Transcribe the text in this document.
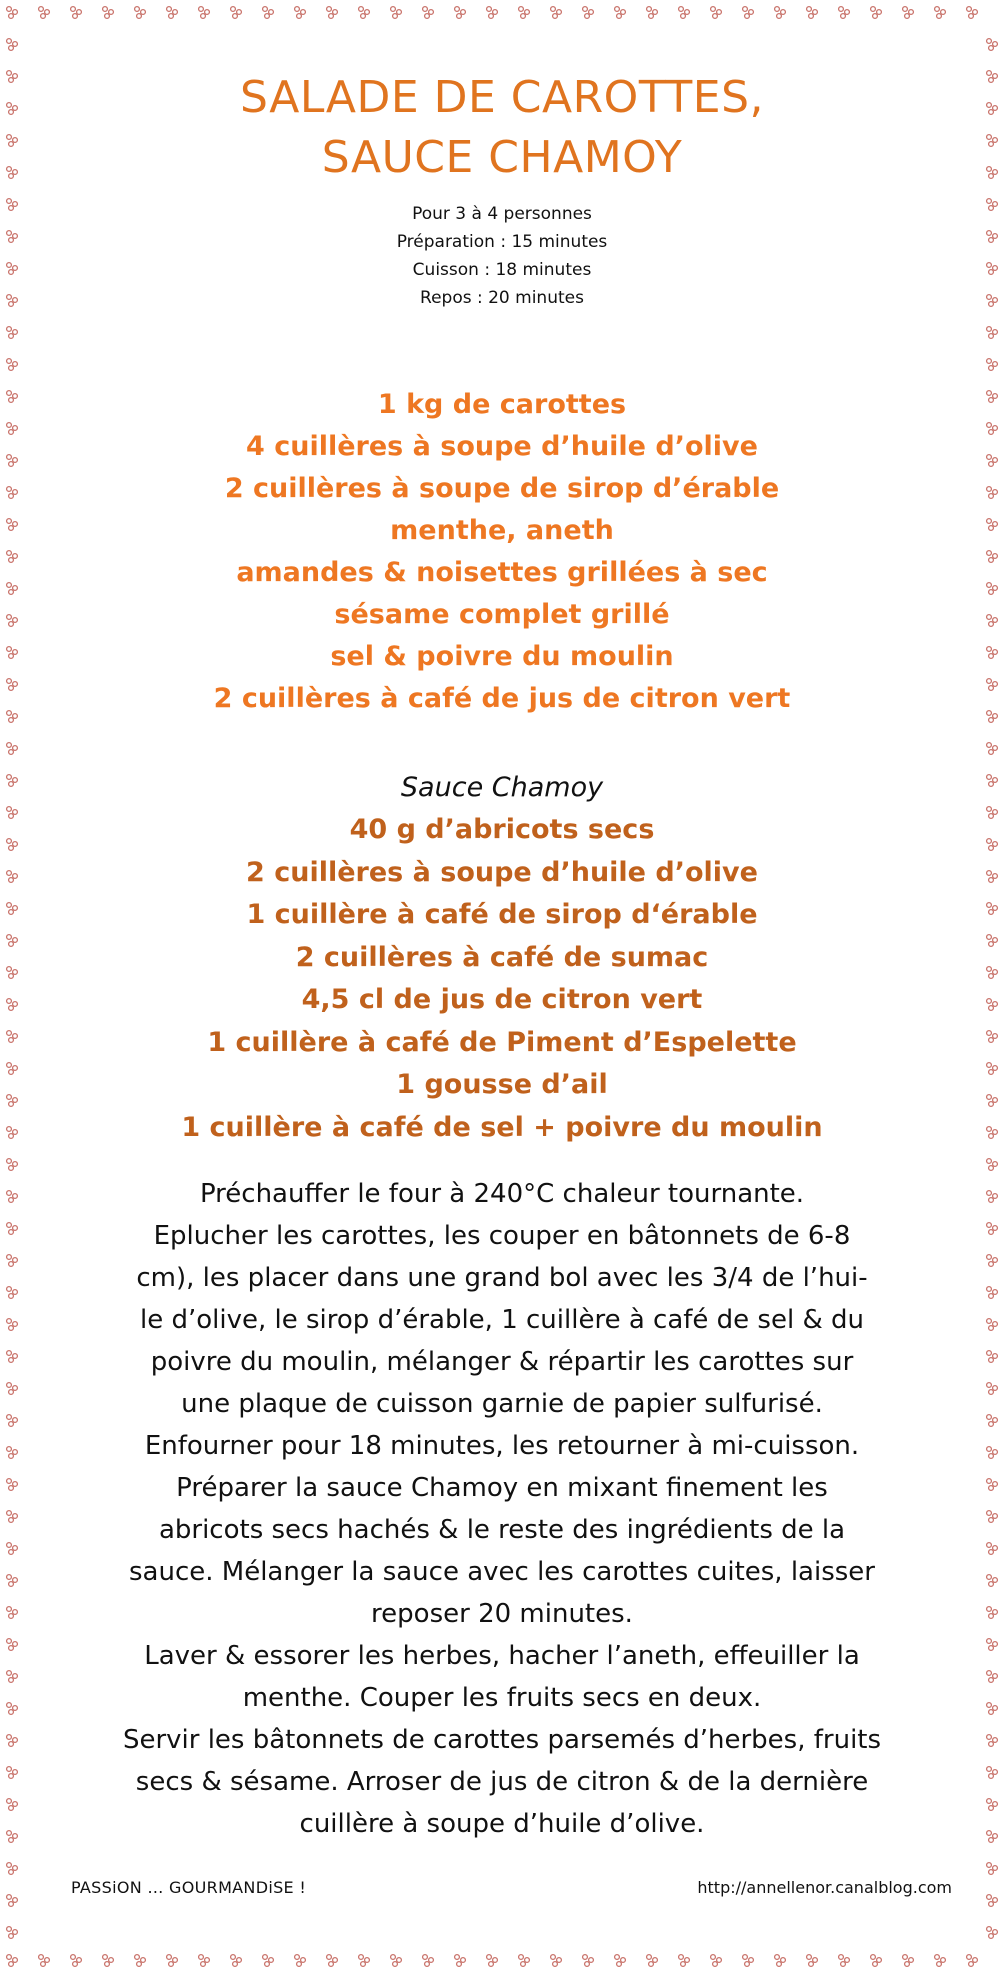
SALADE DE CAROTTES,
SAUCE CHAMOY
Pour 3 à 4 personnes
Préparation : 15 minutes
Cuisson : 18 minutes
Repos : 20 minutes
1 kg de carottes
4 cuillères à soupe d’huile d’olive
2 cuillères à soupe de sirop d’érable
menthe, aneth
amandes & noisettes grillées à sec
sésame complet grillé
sel & poivre du moulin
2 cuillères à café de jus de citron vert
Sauce Chamoy
40 g d’abricots secs
2 cuillères à soupe d’huile d’olive
1 cuillère à café de sirop d‘érable
2 cuillères à café de sumac
4,5 cl de jus de citron vert
1 cuillère à café de Piment d’Espelette
1 gousse d’ail
1 cuillère à café de sel + poivre du moulin
Préchauffer le four à 240°C chaleur tournante.
Eplucher les carottes, les couper en bâtonnets de 6-8
cm), les placer dans une grand bol avec les 3/4 de l’hui-
le d’olive, le sirop d’érable, 1 cuillère à café de sel & du
poivre du moulin, mélanger & répartir les carottes sur
une plaque de cuisson garnie de papier sulfurisé.
Enfourner pour 18 minutes, les retourner à mi-cuisson.
Préparer la sauce Chamoy en mixant finement les
abricots secs hachés & le reste des ingrédients de la
sauce. Mélanger la sauce avec les carottes cuites, laisser
reposer 20 minutes.
Laver & essorer les herbes, hacher l’aneth, effeuiller la
menthe. Couper les fruits secs en deux.
Servir les bâtonnets de carottes parsemés d’herbes, fruits
secs & sésame. Arroser de jus de citron & de la dernière
cuillère à soupe d’huile d’olive.
PASSiON … GOURMANDiSE !	http://annellenor.canalblog.com
